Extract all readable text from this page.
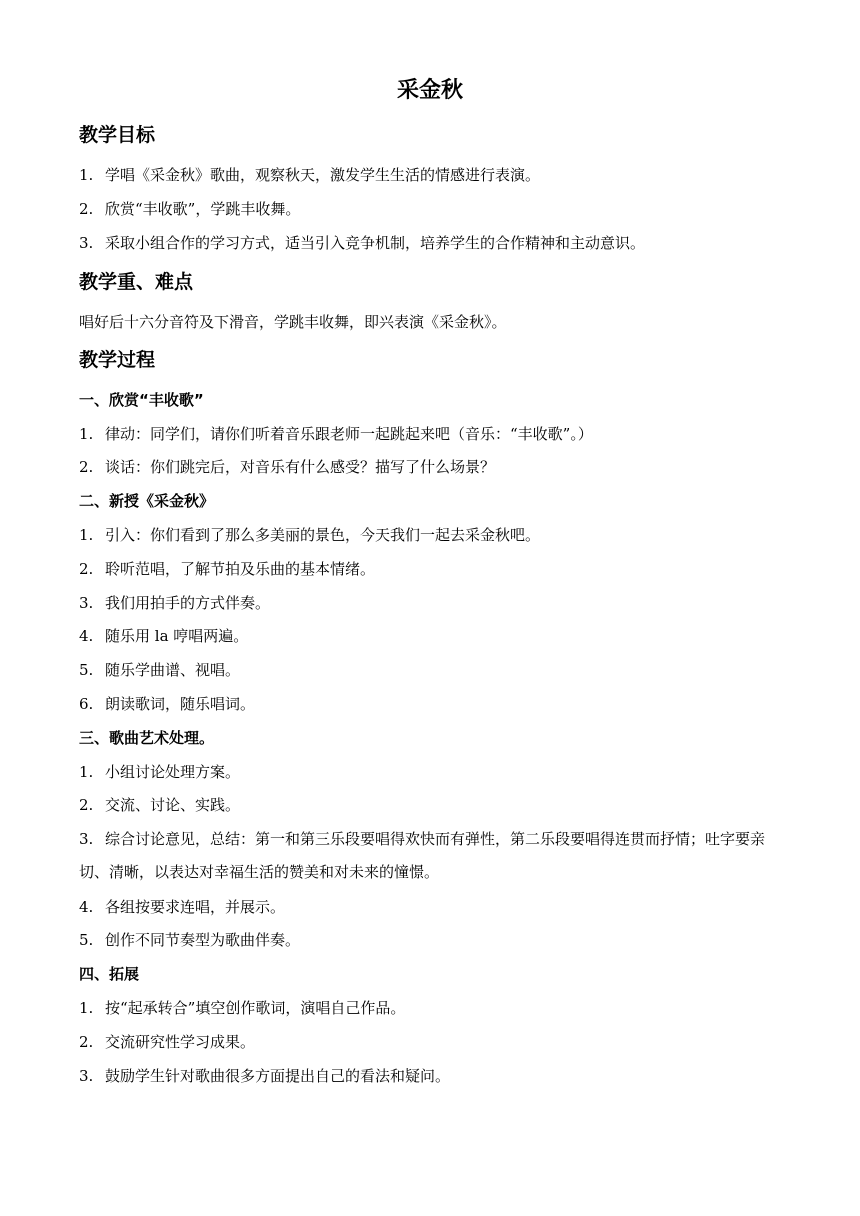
采金秋
教学目标
1. 学唱《采金秋》歌曲，观察秋天，激发学生生活的情感进行表演。
2. 欣赏“丰收歌”，学跳丰收舞。
3. 采取小组合作的学习方式，适当引入竞争机制，培养学生的合作精神和主动意识。
教学重、难点
唱好后十六分音符及下滑音，学跳丰收舞，即兴表演《采金秋》。
教学过程
一、欣赏“丰收歌”
1. 律动：同学们，请你们听着音乐跟老师一起跳起来吧（音乐：“丰收歌”。）
2. 谈话：你们跳完后，对音乐有什么感受？描写了什么场景？
二、新授《采金秋》
1. 引入：你们看到了那么多美丽的景色，今天我们一起去采金秋吧。
2. 聆听范唱，了解节拍及乐曲的基本情绪。
3. 我们用拍手的方式伴奏。
4. 随乐用 la 哼唱两遍。
5. 随乐学曲谱、视唱。
6. 朗读歌词，随乐唱词。
三、歌曲艺术处理。
1. 小组讨论处理方案。
2. 交流、讨论、实践。
3. 综合讨论意见，总结：第一和第三乐段要唱得欢快而有弹性，第二乐段要唱得连贯而抒情；吐字要亲切、清晰，以表达对幸福生活的赞美和对未来的憧憬。
4. 各组按要求连唱，并展示。
5. 创作不同节奏型为歌曲伴奏。
四、拓展
1. 按“起承转合”填空创作歌词，演唱自己作品。
2. 交流研究性学习成果。
3. 鼓励学生针对歌曲很多方面提出自己的看法和疑问。
